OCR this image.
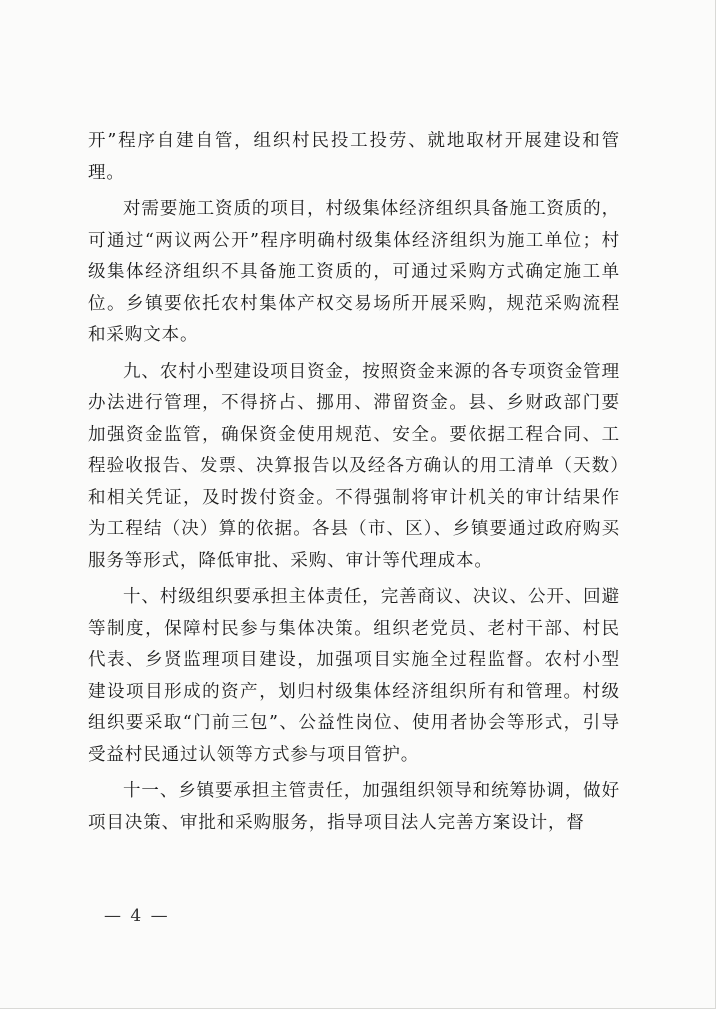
开”程序自建自管，组织村民投工投劳、就地取材开展建设和管理。

对需要施工资质的项目，村级集体经济组织具备施工资质的，可通过“两议两公开”程序明确村级集体经济组织为施工单位；村级集体经济组织不具备施工资质的，可通过采购方式确定施工单位。乡镇要依托农村集体产权交易场所开展采购，规范采购流程和采购文本。

九、农村小型建设项目资金，按照资金来源的各专项资金管理办法进行管理，不得挤占、挪用、滞留资金。县、乡财政部门要加强资金监管，确保资金使用规范、安全。要依据工程合同、工程验收报告、发票、决算报告以及经各方确认的用工清单（天数）和相关凭证，及时拨付资金。不得强制将审计机关的审计结果作为工程结（决）算的依据。各县（市、区）、乡镇要通过政府购买服务等形式，降低审批、采购、审计等代理成本。

十、村级组织要承担主体责任，完善商议、决议、公开、回避等制度，保障村民参与集体决策。组织老党员、老村干部、村民代表、乡贤监理项目建设，加强项目实施全过程监督。农村小型建设项目形成的资产，划归村级集体经济组织所有和管理。村级组织要采取“门前三包”、公益性岗位、使用者协会等形式，引导受益村民通过认领等方式参与项目管护。

十一、乡镇要承担主管责任，加强组织领导和统筹协调，做好项目决策、审批和采购服务，指导项目法人完善方案设计，督

— 4 —
